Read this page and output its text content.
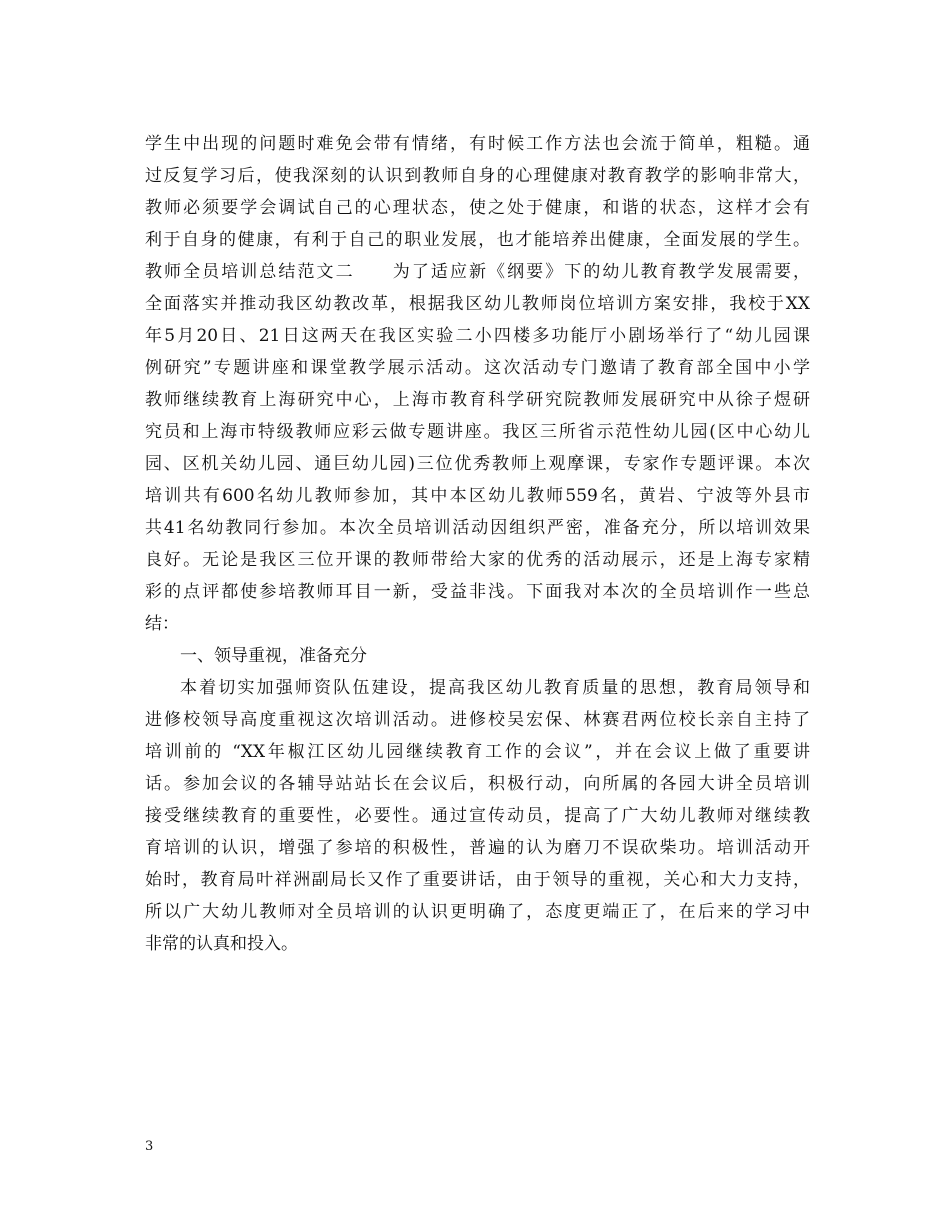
学生中出现的问题时难免会带有情绪，有时候工作方法也会流于简单，粗糙。通
过反复学习后，使我深刻的认识到教师自身的心理健康对教育教学的影响非常大，
教师必须要学会调试自己的心理状态，使之处于健康，和谐的状态，这样才会有
利于自身的健康，有利于自己的职业发展，也才能培养出健康，全面发展的学生。
教师全员培训总结范文二　　为了适应新《纲要》下的幼儿教育教学发展需要，
全面落实并推动我区幼教改革，根据我区幼儿教师岗位培训方案安排，我校于XX
年5月20日、21日这两天在我区实验二小四楼多功能厅小剧场举行了“幼儿园课
例研究”专题讲座和课堂教学展示活动。这次活动专门邀请了教育部全国中小学
教师继续教育上海研究中心，上海市教育科学研究院教师发展研究中从徐子煜研
究员和上海市特级教师应彩云做专题讲座。我区三所省示范性幼儿园(区中心幼儿
园、区机关幼儿园、通巨幼儿园)三位优秀教师上观摩课，专家作专题评课。本次
培训共有600名幼儿教师参加，其中本区幼儿教师559名，黄岩、宁波等外县市
共41名幼教同行参加。本次全员培训活动因组织严密，准备充分，所以培训效果
良好。无论是我区三位开课的教师带给大家的优秀的活动展示，还是上海专家精
彩的点评都使参培教师耳目一新，受益非浅。下面我对本次的全员培训作一些总
结：
一、领导重视，准备充分
本着切实加强师资队伍建设，提高我区幼儿教育质量的思想，教育局领导和
进修校领导高度重视这次培训活动。进修校吴宏保、林赛君两位校长亲自主持了
培训前的 “XX年椒江区幼儿园继续教育工作的会议”，并在会议上做了重要讲
话。参加会议的各辅导站站长在会议后，积极行动，向所属的各园大讲全员培训
接受继续教育的重要性，必要性。通过宣传动员，提高了广大幼儿教师对继续教
育培训的认识，增强了参培的积极性，普遍的认为磨刀不误砍柴功。培训活动开
始时，教育局叶祥洲副局长又作了重要讲话，由于领导的重视，关心和大力支持，
所以广大幼儿教师对全员培训的认识更明确了，态度更端正了，在后来的学习中
非常的认真和投入。
3
